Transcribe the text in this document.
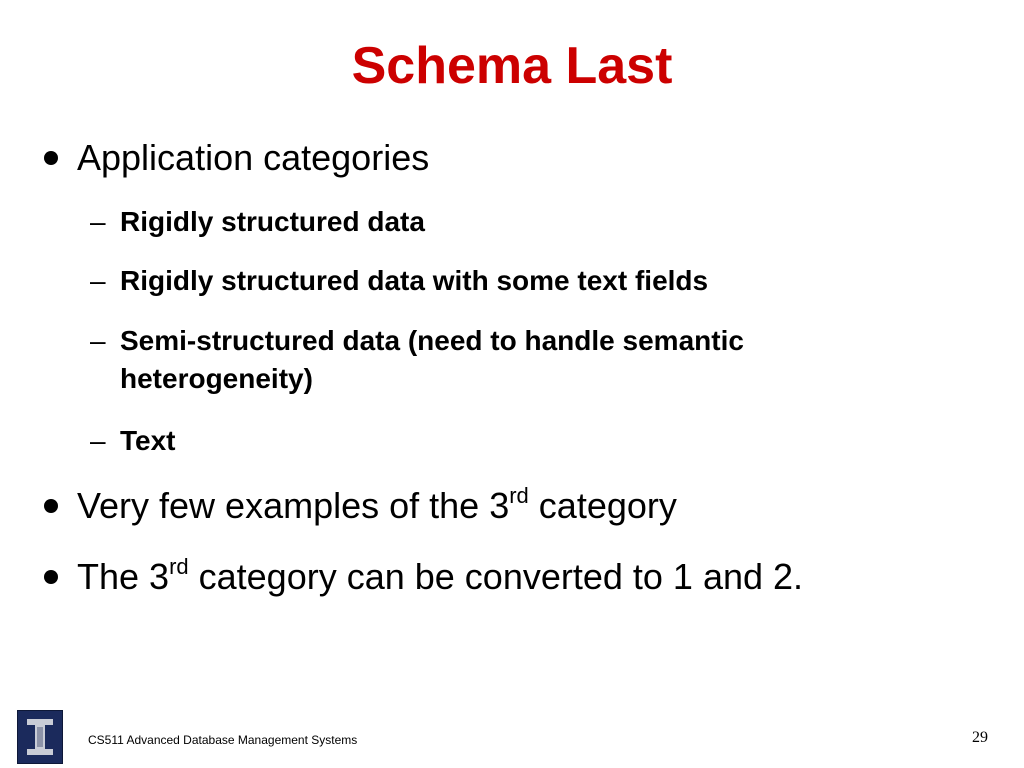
Schema Last
Application categories
– Rigidly structured data
– Rigidly structured data with some text fields
– Semi-structured data (need to handle semantic heterogeneity)
– Text
Very few examples of the 3rd category
The 3rd category can be converted to 1 and 2.
CS511 Advanced Database Management Systems	29
